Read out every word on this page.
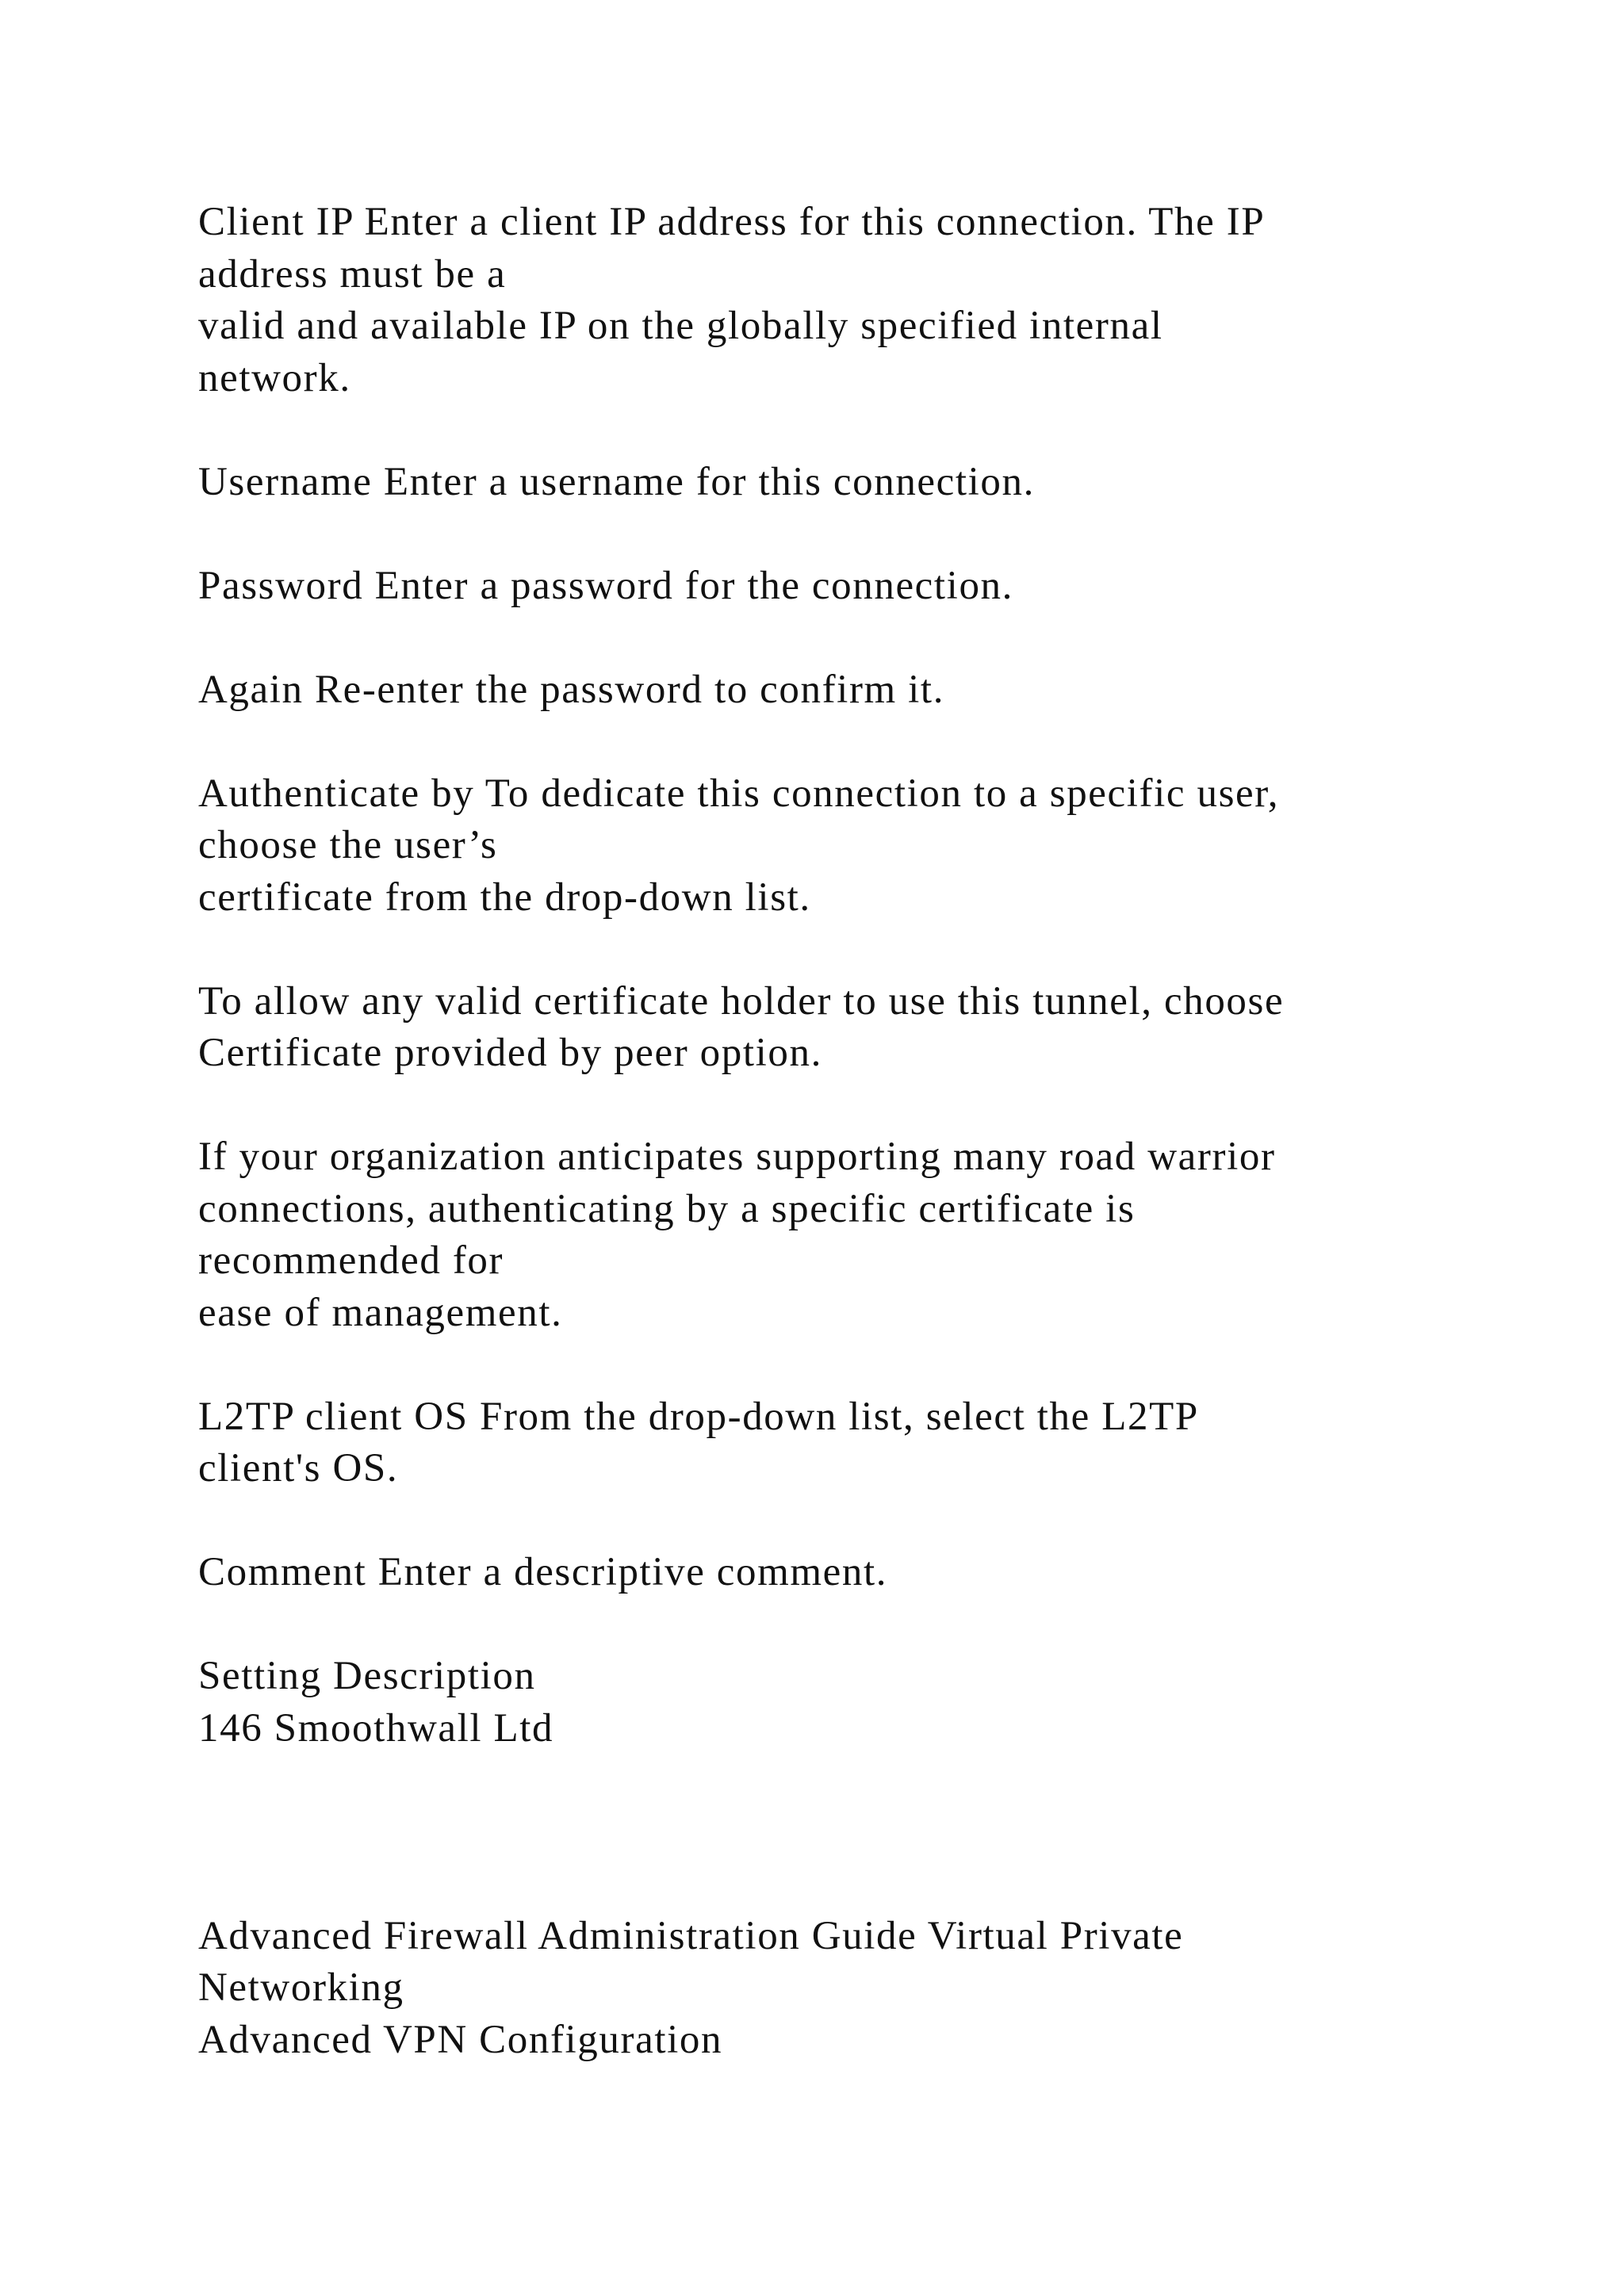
Client IP Enter a client IP address for this connection. The IP
address must be a
valid and available IP on the globally specified internal
network.
Username Enter a username for this connection.
Password Enter a password for the connection.
Again Re-enter the password to confirm it.
Authenticate by To dedicate this connection to a specific user,
choose the user’s
certificate from the drop-down list.
To allow any valid certificate holder to use this tunnel, choose
Certificate provided by peer option.
If your organization anticipates supporting many road warrior
connections, authenticating by a specific certificate is
recommended for
ease of management.
L2TP client OS From the drop-down list, select the L2TP
client's OS.
Comment Enter a descriptive comment.
Setting Description
146 Smoothwall Ltd
Advanced Firewall Administration Guide Virtual Private
Networking
Advanced VPN Configuration
